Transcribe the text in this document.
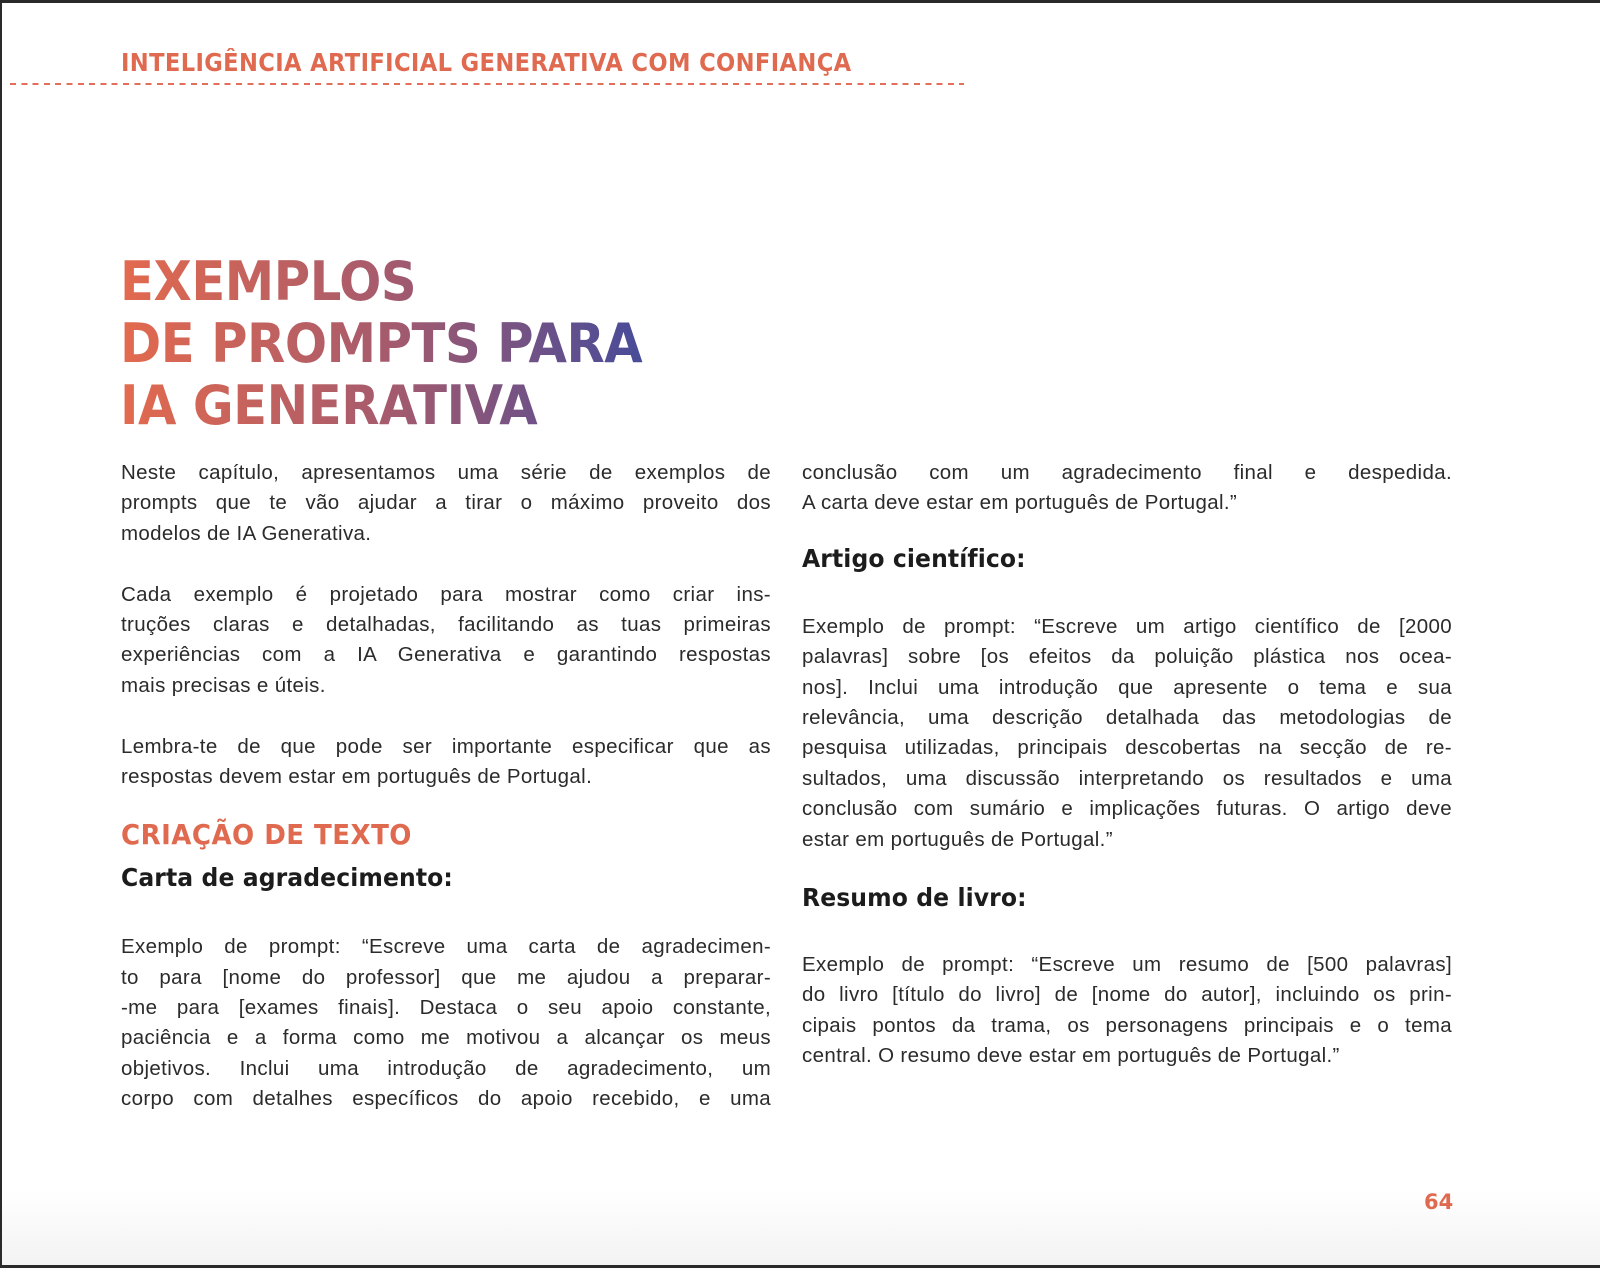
INTELIGÊNCIA ARTIFICIAL GENERATIVA COM CONFIANÇA
EXEMPLOS
DE PROMPTS PARA
IA GENERATIVA
Neste capítulo, apresentamos uma série de exemplos de
prompts que te vão ajudar a tirar o máximo proveito dos
modelos de IA Generativa.
Cada exemplo é projetado para mostrar como criar ins-
truções claras e detalhadas, facilitando as tuas primeiras
experiências com a IA Generativa e garantindo respostas
mais precisas e úteis.
Lembra-te de que pode ser importante especificar que as
respostas devem estar em português de Portugal.
CRIAÇÃO DE TEXTO
Carta de agradecimento:
Exemplo de prompt: “Escreve uma carta de agradecimen-
to para [nome do professor] que me ajudou a preparar-
-me para [exames finais]. Destaca o seu apoio constante,
paciência e a forma como me motivou a alcançar os meus
objetivos. Inclui uma introdução de agradecimento, um
corpo com detalhes específicos do apoio recebido, e uma
conclusão com um agradecimento final e despedida.
A carta deve estar em português de Portugal.”
Artigo científico:
Exemplo de prompt: “Escreve um artigo científico de [2000
palavras] sobre [os efeitos da poluição plástica nos ocea-
nos]. Inclui uma introdução que apresente o tema e sua
relevância, uma descrição detalhada das metodologias de
pesquisa utilizadas, principais descobertas na secção de re-
sultados, uma discussão interpretando os resultados e uma
conclusão com sumário e implicações futuras. O artigo deve
estar em português de Portugal.”
Resumo de livro:
Exemplo de prompt: “Escreve um resumo de [500 palavras]
do livro [título do livro] de [nome do autor], incluindo os prin-
cipais pontos da trama, os personagens principais e o tema
central. O resumo deve estar em português de Portugal.”
64
